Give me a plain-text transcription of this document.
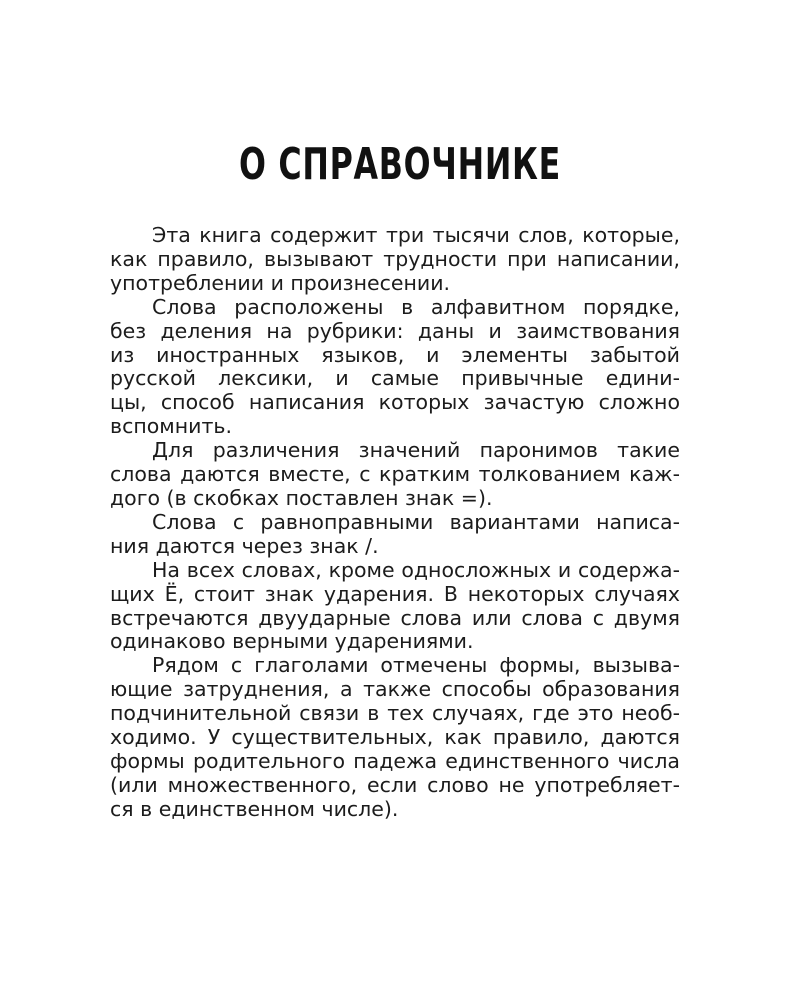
О СПРАВОЧНИКЕ

Эта книга содержит три тысячи слов, которые,
как правило, вызывают трудности при написании,
употреблении и произнесении.

Слова расположены в алфавитном порядке,
без деления на рубрики: даны и заимствования
из иностранных языков, и элементы забытой
русской лексики, и самые привычные едини-
цы, способ написания которых зачастую сложно
вспомнить.

Для различения значений паронимов такие
слова даются вместе, с кратким толкованием каж-
дого (в скобках поставлен знак =).

Слова с равноправными вариантами написа-
ния даются через знак /.

На всех словах, кроме односложных и содержа-
щих Ё, стоит знак ударения. В некоторых случаях
встречаются двуударные слова или слова с двумя
одинаково верными ударениями.

Рядом с глаголами отмечены формы, вызыва-
ющие затруднения, а также способы образования
подчинительной связи в тех случаях, где это необ-
ходимо. У существительных, как правило, даются
формы родительного падежа единственного числа
(или множественного, если слово не употребляет-
ся в единственном числе).
